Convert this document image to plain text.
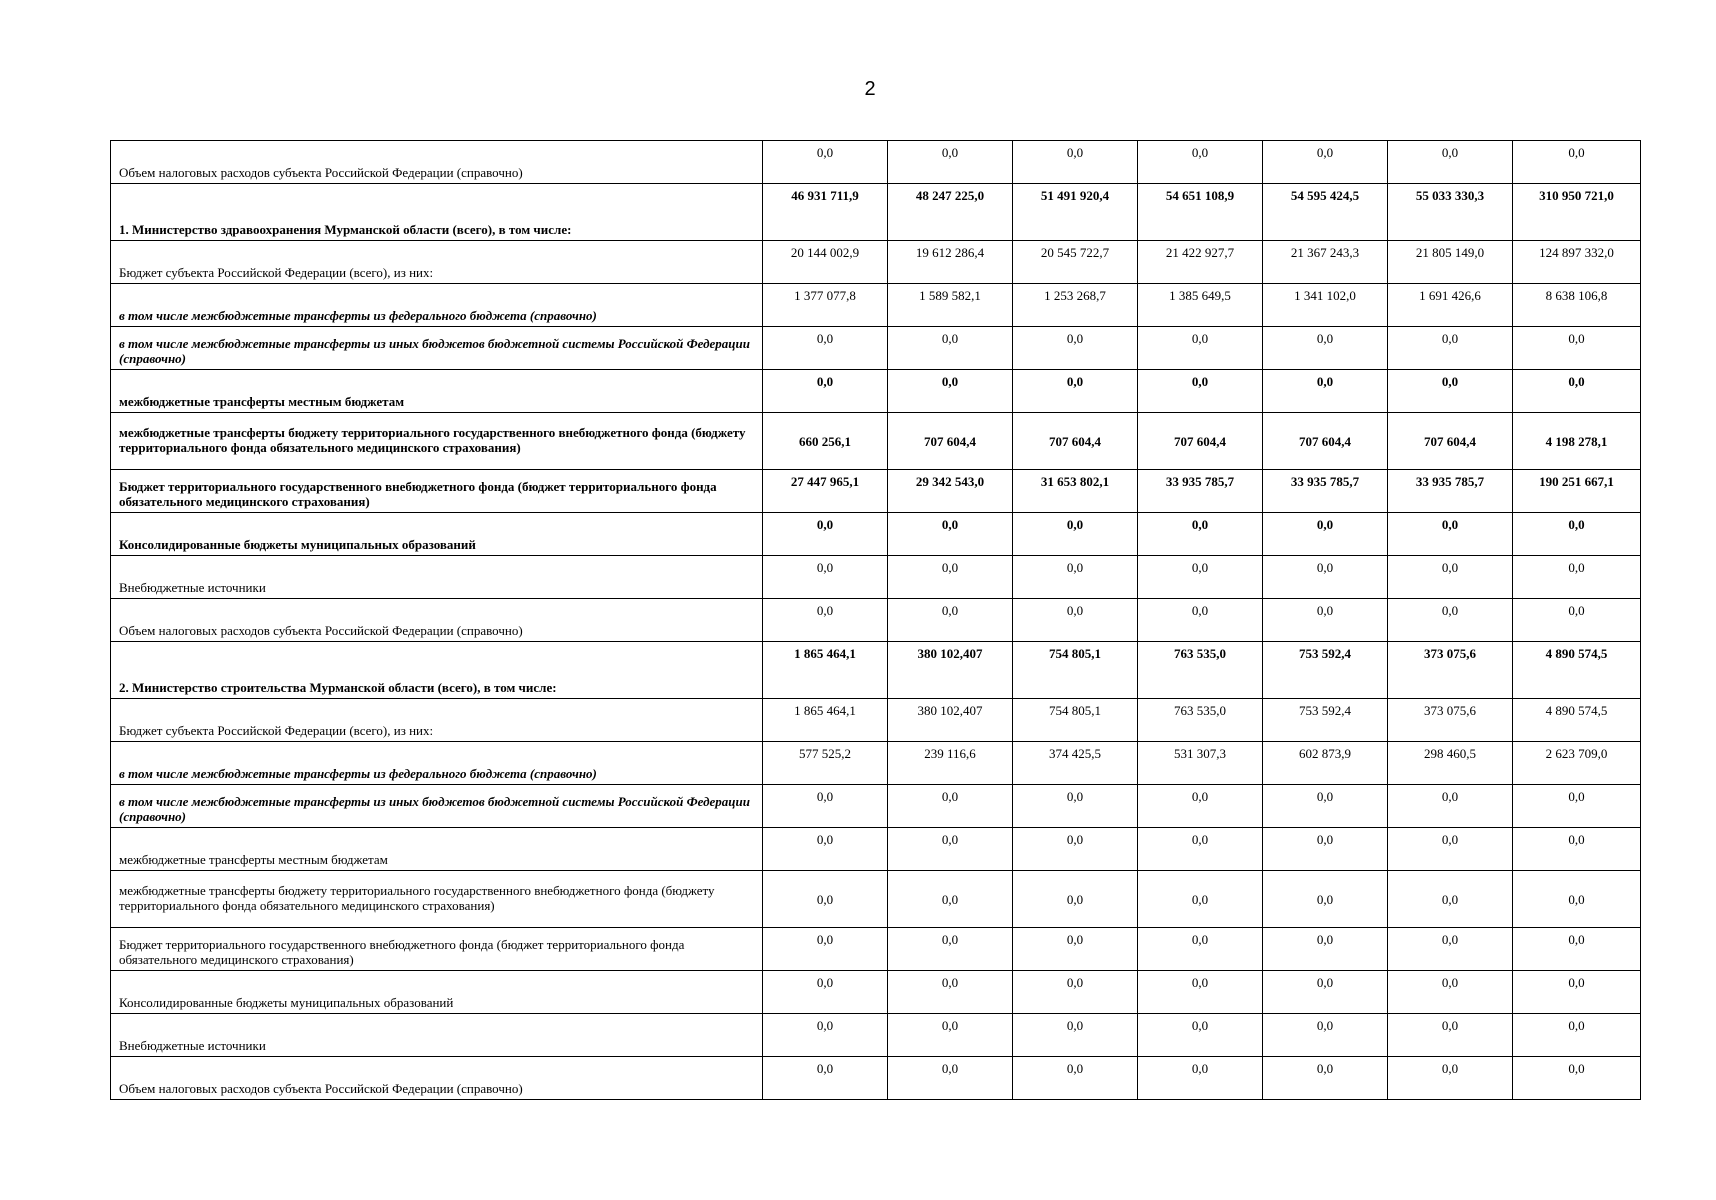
2
Объем налоговых расходов субъекта Российской Федерации (справочно)	0,0	0,0	0,0	0,0	0,0	0,0	0,0
1. Министерство здравоохранения Мурманской области (всего), в том числе:	46 931 711,9	48 247 225,0	51 491 920,4	54 651 108,9	54 595 424,5	55 033 330,3	310 950 721,0
Бюджет субъекта Российской Федерации (всего), из них:	20 144 002,9	19 612 286,4	20 545 722,7	21 422 927,7	21 367 243,3	21 805 149,0	124 897 332,0
в том числе межбюджетные трансферты из федерального бюджета (справочно)	1 377 077,8	1 589 582,1	1 253 268,7	1 385 649,5	1 341 102,0	1 691 426,6	8 638 106,8
в том числе межбюджетные трансферты из иных бюджетов бюджетной системы Российской Федерации (справочно)	0,0	0,0	0,0	0,0	0,0	0,0	0,0
межбюджетные трансферты местным бюджетам	0,0	0,0	0,0	0,0	0,0	0,0	0,0
межбюджетные трансферты бюджету территориального государственного внебюджетного фонда (бюджету территориального фонда обязательного медицинского страхования)	660 256,1	707 604,4	707 604,4	707 604,4	707 604,4	707 604,4	4 198 278,1
Бюджет территориального государственного внебюджетного фонда (бюджет территориального фонда обязательного медицинского страхования)	27 447 965,1	29 342 543,0	31 653 802,1	33 935 785,7	33 935 785,7	33 935 785,7	190 251 667,1
Консолидированные бюджеты муниципальных образований	0,0	0,0	0,0	0,0	0,0	0,0	0,0
Внебюджетные источники	0,0	0,0	0,0	0,0	0,0	0,0	0,0
Объем налоговых расходов субъекта Российской Федерации (справочно)	0,0	0,0	0,0	0,0	0,0	0,0	0,0
2. Министерство строительства Мурманской области (всего), в том числе:	1 865 464,1	380 102,407	754 805,1	763 535,0	753 592,4	373 075,6	4 890 574,5
Бюджет субъекта Российской Федерации (всего), из них:	1 865 464,1	380 102,407	754 805,1	763 535,0	753 592,4	373 075,6	4 890 574,5
в том числе межбюджетные трансферты из федерального бюджета (справочно)	577 525,2	239 116,6	374 425,5	531 307,3	602 873,9	298 460,5	2 623 709,0
в том числе межбюджетные трансферты из иных бюджетов бюджетной системы Российской Федерации (справочно)	0,0	0,0	0,0	0,0	0,0	0,0	0,0
межбюджетные трансферты местным бюджетам	0,0	0,0	0,0	0,0	0,0	0,0	0,0
межбюджетные трансферты бюджету территориального государственного внебюджетного фонда (бюджету территориального фонда обязательного медицинского страхования)	0,0	0,0	0,0	0,0	0,0	0,0	0,0
Бюджет территориального государственного внебюджетного фонда (бюджет территориального фонда обязательного медицинского страхования)	0,0	0,0	0,0	0,0	0,0	0,0	0,0
Консолидированные бюджеты муниципальных образований	0,0	0,0	0,0	0,0	0,0	0,0	0,0
Внебюджетные источники	0,0	0,0	0,0	0,0	0,0	0,0	0,0
Объем налоговых расходов субъекта Российской Федерации (справочно)	0,0	0,0	0,0	0,0	0,0	0,0	0,0
